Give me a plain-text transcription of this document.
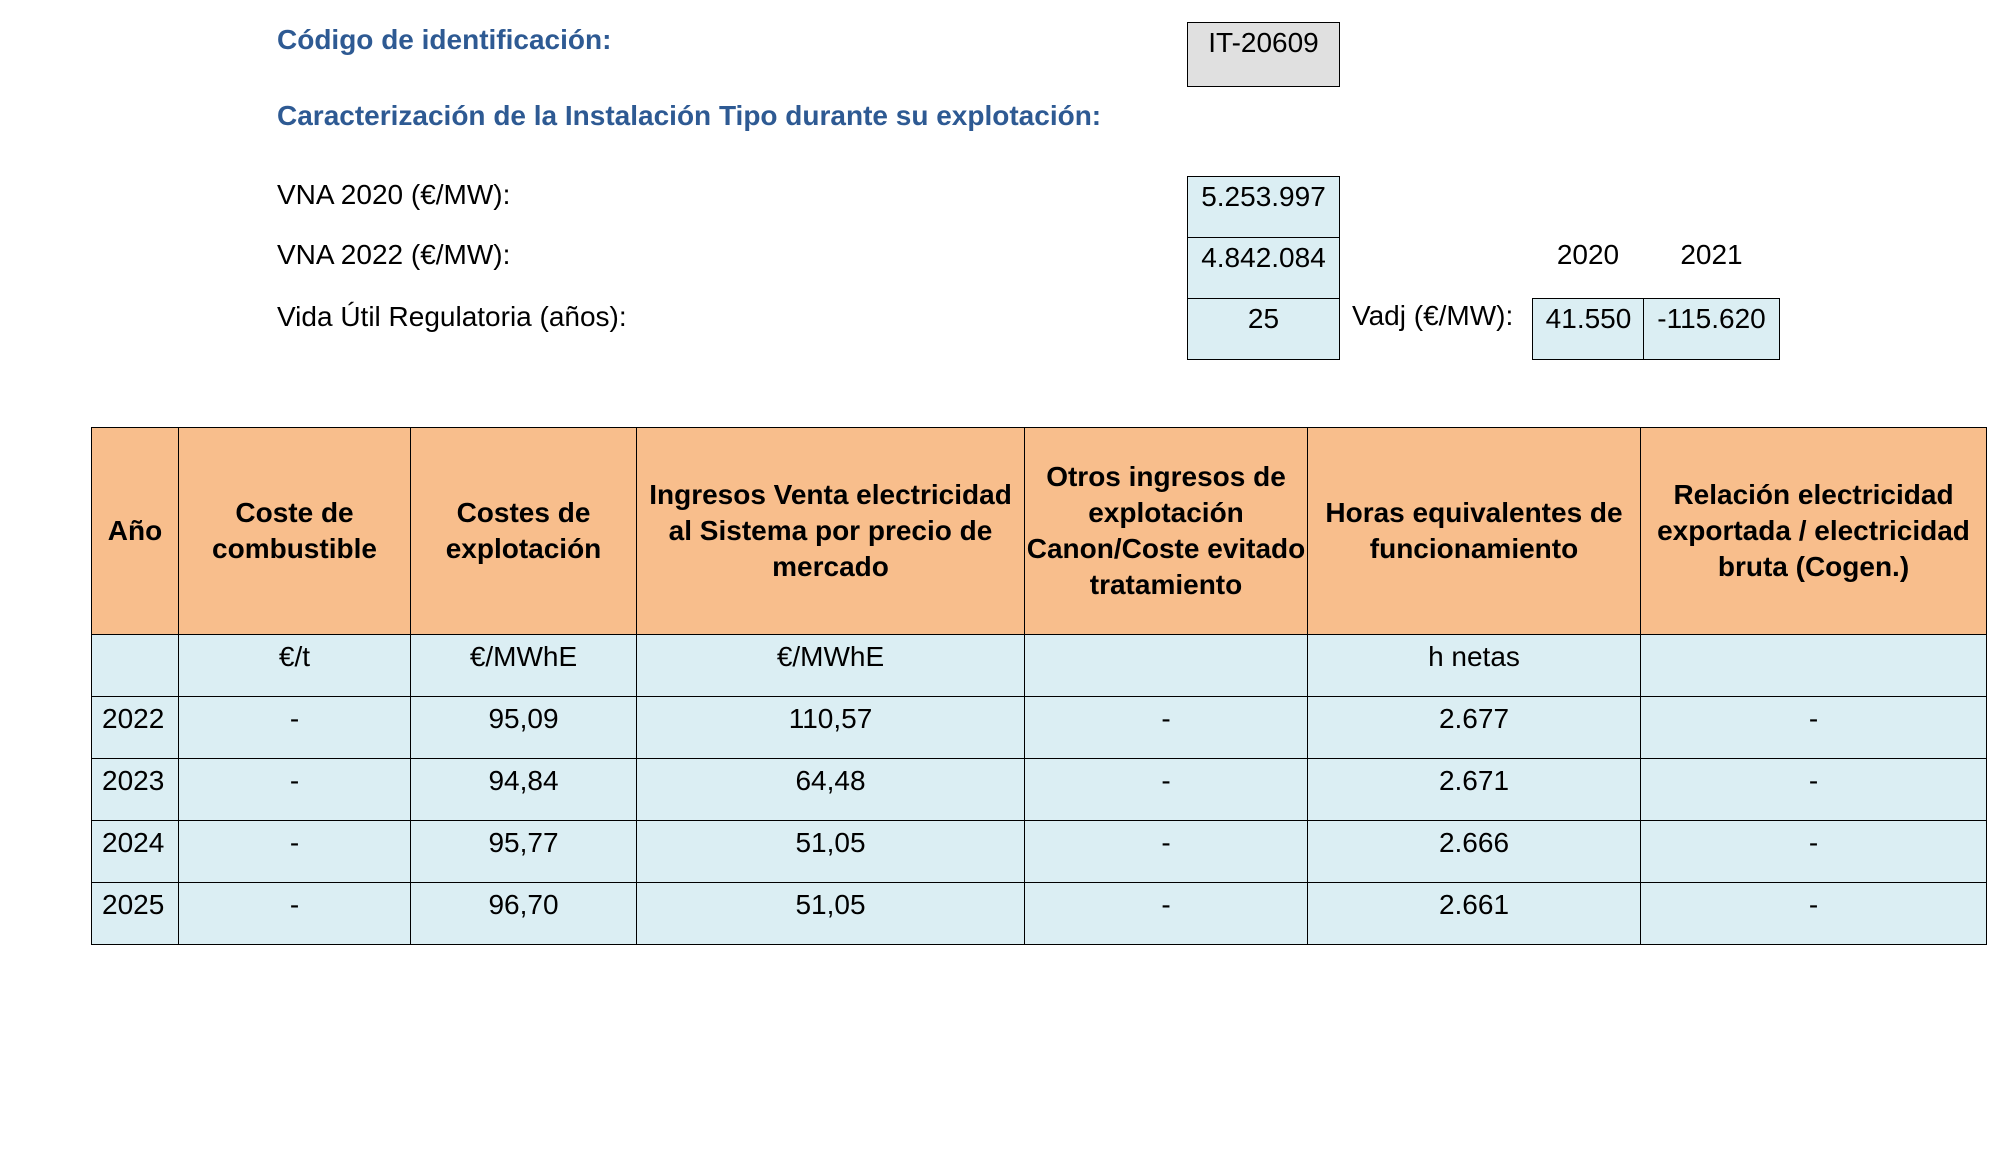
Código de identificación:	IT-20609
Caracterización de la Instalación Tipo durante su explotación:
VNA 2020 (€/MW):	5.253.997
VNA 2022 (€/MW):	4.842.084
Vida Útil Regulatoria (años):	25
2020	2021
Vadj (€/MW):	41.550 -115.620
Año	Coste de combustible	Costes de explotación	Ingresos Venta electricidad al Sistema por precio de mercado	Otros ingresos de explotación Canon/Coste evitado tratamiento	Horas equivalentes de funcionamiento	Relación electricidad exportada / electricidad bruta (Cogen.)
	€/t	€/MWhE	€/MWhE		h netas	
2022	-	95,09	110,57	-	2.677	-
2023	-	94,84	64,48	-	2.671	-
2024	-	95,77	51,05	-	2.666	-
2025	-	96,70	51,05	-	2.661	-
